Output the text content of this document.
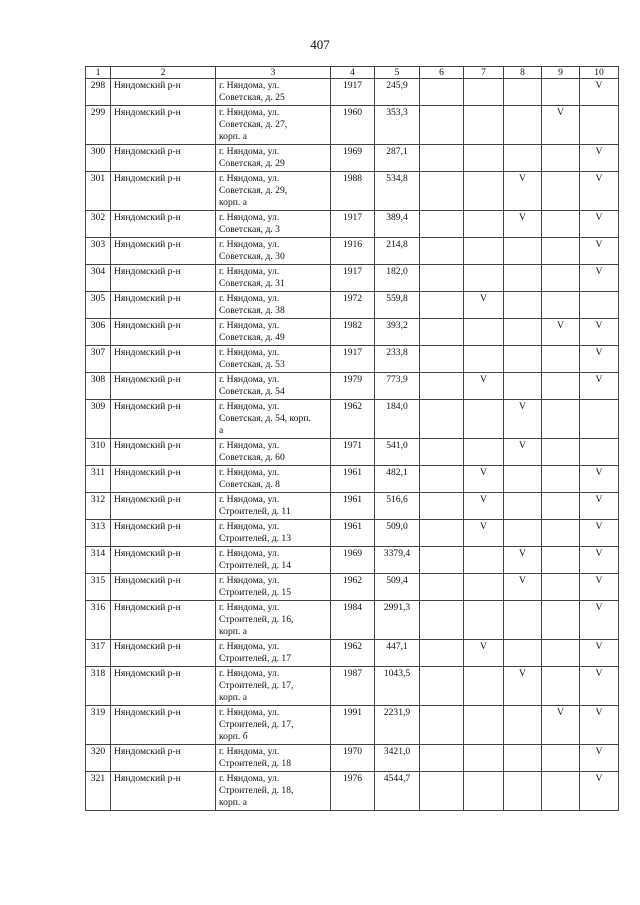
407
1	2	3	4	5	6	7	8	9	10
298	Няндомский р-н	г. Няндома, ул.
Советская, д. 25	1917	245,9					V
299	Няндомский р-н	г. Няндома, ул.
Советская, д. 27,
корп. а	1960	353,3				V	
300	Няндомский р-н	г. Няндома, ул.
Советская, д. 29	1969	287,1					V
301	Няндомский р-н	г. Няндома, ул.
Советская, д. 29,
корп. а	1988	534,8			V		V
302	Няндомский р-н	г. Няндома, ул.
Советская, д. 3	1917	389,4			V		V
303	Няндомский р-н	г. Няндома, ул.
Советская, д. 30	1916	214,8					V
304	Няндомский р-н	г. Няндома, ул.
Советская, д. 31	1917	182,0					V
305	Няндомский р-н	г. Няндома, ул.
Советская, д. 38	1972	559,8		V			
306	Няндомский р-н	г. Няндома, ул.
Советская, д. 49	1982	393,2				V	V
307	Няндомский р-н	г. Няндома, ул.
Советская, д. 53	1917	233,8					V
308	Няндомский р-н	г. Няндома, ул.
Советская, д. 54	1979	773,9		V			V
309	Няндомский р-н	г. Няндома, ул.
Советская, д. 54, корп.
а	1962	184,0			V		
310	Няндомский р-н	г. Няндома, ул.
Советская, д. 60	1971	541,0			V		
311	Няндомский р-н	г. Няндома, ул.
Советская, д. 8	1961	482,1		V			V
312	Няндомский р-н	г. Няндома, ул.
Строителей, д. 11	1961	516,6		V			V
313	Няндомский р-н	г. Няндома, ул.
Строителей, д. 13	1961	509,0		V			V
314	Няндомский р-н	г. Няндома, ул.
Строителей, д. 14	1969	3379,4			V		V
315	Няндомский р-н	г. Няндома, ул.
Строителей, д. 15	1962	509,4			V		V
316	Няндомский р-н	г. Няндома, ул.
Строителей, д. 16,
корп. а	1984	2991,3					V
317	Няндомский р-н	г. Няндома, ул.
Строителей, д. 17	1962	447,1		V			V
318	Няндомский р-н	г. Няндома, ул.
Строителей, д. 17,
корп. а	1987	1043,5			V		V
319	Няндомский р-н	г. Няндома, ул.
Строителей, д. 17,
корп. б	1991	2231,9				V	V
320	Няндомский р-н	г. Няндома, ул.
Строителей, д. 18	1970	3421,0					V
321	Няндомский р-н	г. Няндома, ул.
Строителей, д. 18,
корп. а	1976	4544,7					V
